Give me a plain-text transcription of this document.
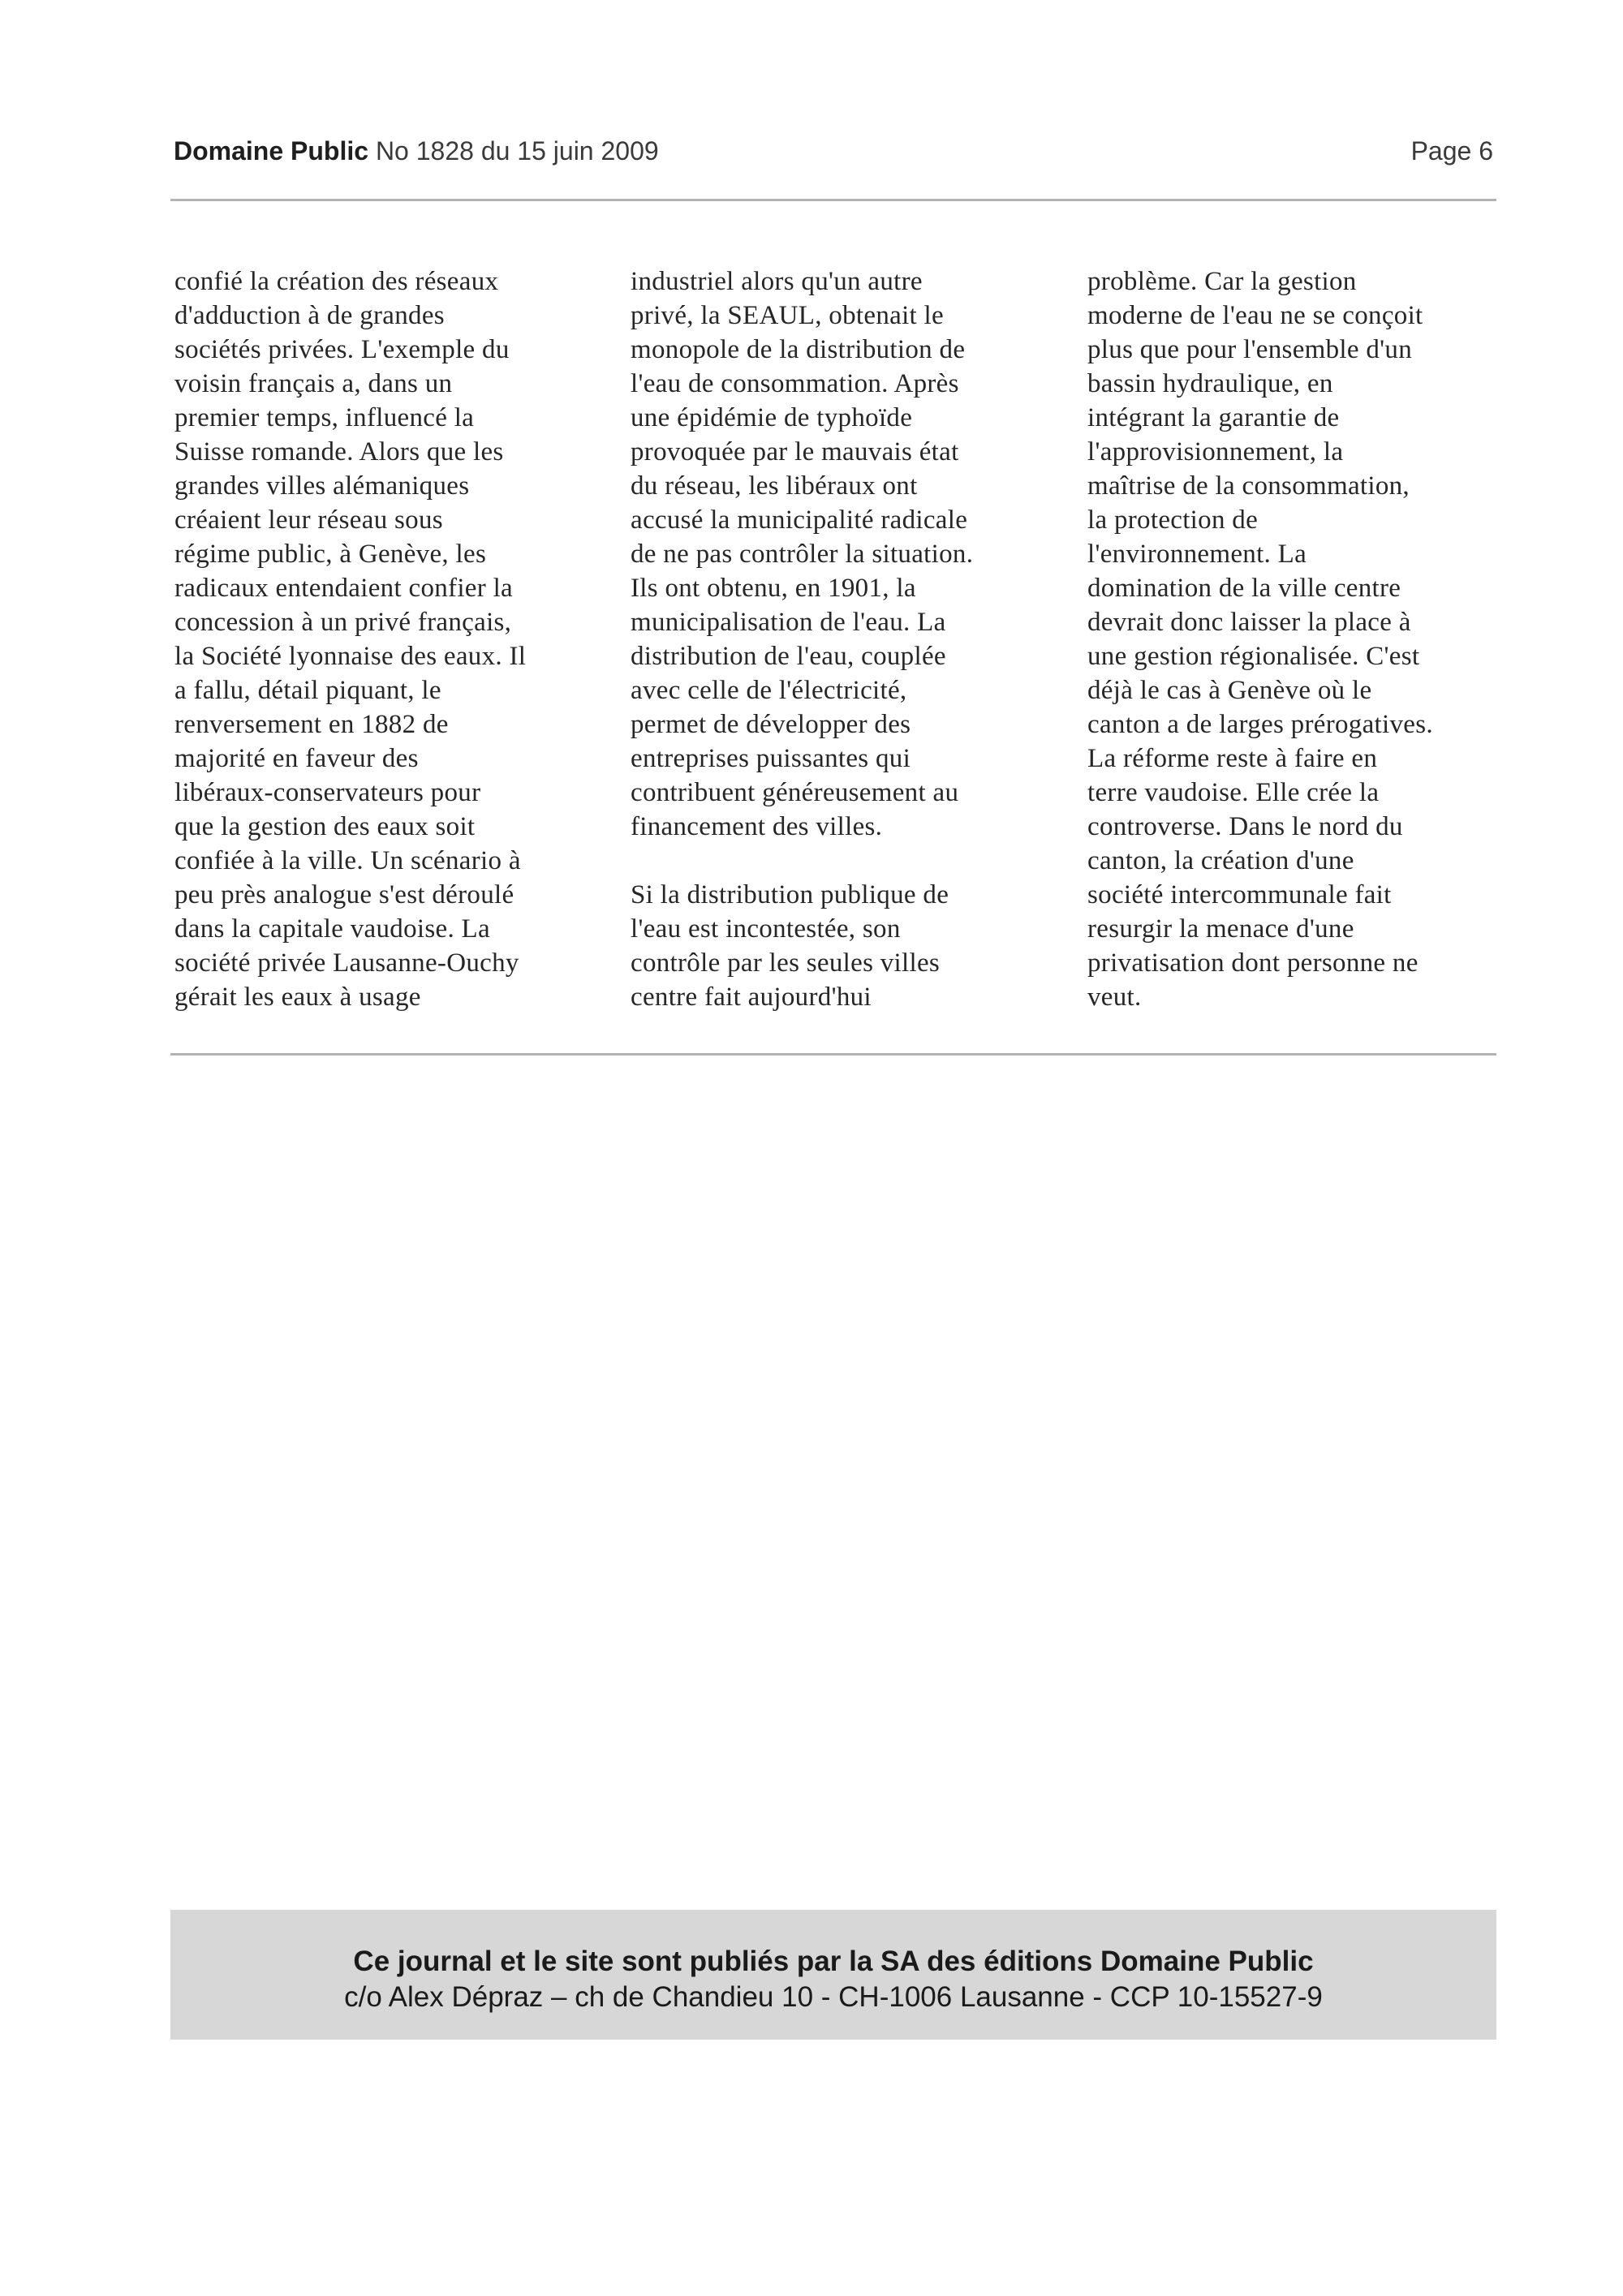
Domaine Public No 1828 du 15 juin 2009	Page 6
confié la création des réseaux
d'adduction à de grandes
sociétés privées. L'exemple du
voisin français a, dans un
premier temps, influencé la
Suisse romande. Alors que les
grandes villes alémaniques
créaient leur réseau sous
régime public, à Genève, les
radicaux entendaient confier la
concession à un privé français,
la Société lyonnaise des eaux. Il
a fallu, détail piquant, le
renversement en 1882 de
majorité en faveur des
libéraux-conservateurs pour
que la gestion des eaux soit
confiée à la ville. Un scénario à
peu près analogue s'est déroulé
dans la capitale vaudoise. La
société privée Lausanne-Ouchy
gérait les eaux à usage
industriel alors qu'un autre
privé, la SEAUL, obtenait le
monopole de la distribution de
l'eau de consommation. Après
une épidémie de typhoïde
provoquée par le mauvais état
du réseau, les libéraux ont
accusé la municipalité radicale
de ne pas contrôler la situation.
Ils ont obtenu, en 1901, la
municipalisation de l'eau. La
distribution de l'eau, couplée
avec celle de l'électricité,
permet de développer des
entreprises puissantes qui
contribuent généreusement au
financement des villes.
Si la distribution publique de
l'eau est incontestée, son
contrôle par les seules villes
centre fait aujourd'hui
problème. Car la gestion
moderne de l'eau ne se conçoit
plus que pour l'ensemble d'un
bassin hydraulique, en
intégrant la garantie de
l'approvisionnement, la
maîtrise de la consommation,
la protection de
l'environnement. La
domination de la ville centre
devrait donc laisser la place à
une gestion régionalisée. C'est
déjà le cas à Genève où le
canton a de larges prérogatives.
La réforme reste à faire en
terre vaudoise. Elle crée la
controverse. Dans le nord du
canton, la création d'une
société intercommunale fait
resurgir la menace d'une
privatisation dont personne ne
veut.
Ce journal et le site sont publiés par la SA des éditions Domaine Public
c/o Alex Dépraz – ch de Chandieu 10 - CH-1006 Lausanne - CCP 10-15527-9
